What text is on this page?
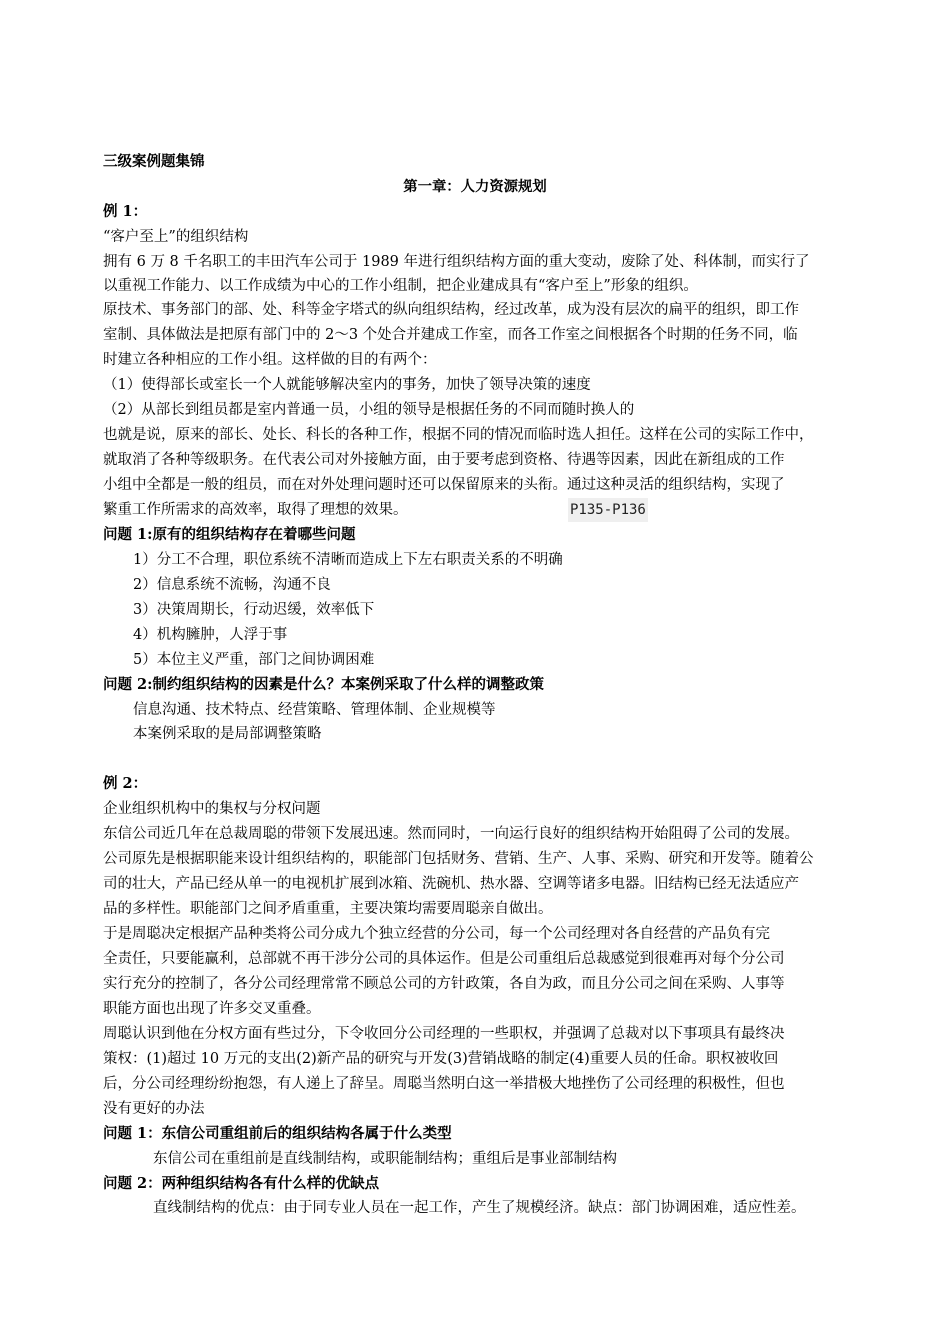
三级案例题集锦
第一章：人力资源规划
例 1：
“客户至上”的组织结构
拥有 6 万 8 千名职工的丰田汽车公司于 1989 年进行组织结构方面的重大变动，废除了处、科体制，而实行了
以重视工作能力、以工作成绩为中心的工作小组制，把企业建成具有“客户至上”形象的组织。
原技术、事务部门的部、处、科等金字塔式的纵向组织结构，经过改革，成为没有层次的扁平的组织，即工作
室制、具体做法是把原有部门中的 2～3 个处合并建成工作室，而各工作室之间根据各个时期的任务不同，临
时建立各种相应的工作小组。这样做的目的有两个：
（1）使得部长或室长一个人就能够解决室内的事务，加快了领导决策的速度
（2）从部长到组员都是室内普通一员，小组的领导是根据任务的不同而随时换人的
也就是说，原来的部长、处长、科长的各种工作，根据不同的情况而临时选人担任。这样在公司的实际工作中，
就取消了各种等级职务。在代表公司对外接触方面，由于要考虑到资格、待遇等因素，因此在新组成的工作
小组中全都是一般的组员，而在对外处理问题时还可以保留原来的头衔。通过这种灵活的组织结构，实现了
繁重工作所需求的高效率，取得了理想的效果。	P135-P136
问题 1:原有的组织结构存在着哪些问题
1）分工不合理，职位系统不清晰而造成上下左右职责关系的不明确
2）信息系统不流畅，沟通不良
3）决策周期长，行动迟缓，效率低下
4）机构臃肿，人浮于事
5）本位主义严重，部门之间协调困难
问题 2:制约组织结构的因素是什么？本案例采取了什么样的调整政策
信息沟通、技术特点、经营策略、管理体制、企业规模等
本案例采取的是局部调整策略
例 2：
企业组织机构中的集权与分权问题
东信公司近几年在总裁周聪的带领下发展迅速。然而同时，一向运行良好的组织结构开始阻碍了公司的发展。
公司原先是根据职能来设计组织结构的，职能部门包括财务、营销、生产、人事、采购、研究和开发等。随着公
司的壮大，产品已经从单一的电视机扩展到冰箱、洗碗机、热水器、空调等诸多电器。旧结构已经无法适应产
品的多样性。职能部门之间矛盾重重，主要决策均需要周聪亲自做出。
于是周聪决定根据产品种类将公司分成九个独立经营的分公司，每一个公司经理对各自经营的产品负有完
全责任，只要能赢利，总部就不再干涉分公司的具体运作。但是公司重组后总裁感觉到很难再对每个分公司
实行充分的控制了，各分公司经理常常不顾总公司的方针政策，各自为政，而且分公司之间在采购、人事等
职能方面也出现了许多交叉重叠。
周聪认识到他在分权方面有些过分，下令收回分公司经理的一些职权，并强调了总裁对以下事项具有最终决
策权：(1)超过 10 万元的支出(2)新产品的研究与开发(3)营销战略的制定(4)重要人员的任命。职权被收回
后，分公司经理纷纷抱怨，有人递上了辞呈。周聪当然明白这一举措极大地挫伤了公司经理的积极性，但也
没有更好的办法
问题 1：东信公司重组前后的组织结构各属于什么类型
东信公司在重组前是直线制结构，或职能制结构；重组后是事业部制结构
问题 2：两种组织结构各有什么样的优缺点
直线制结构的优点：由于同专业人员在一起工作，产生了规模经济。缺点：部门协调困难，适应性差。
